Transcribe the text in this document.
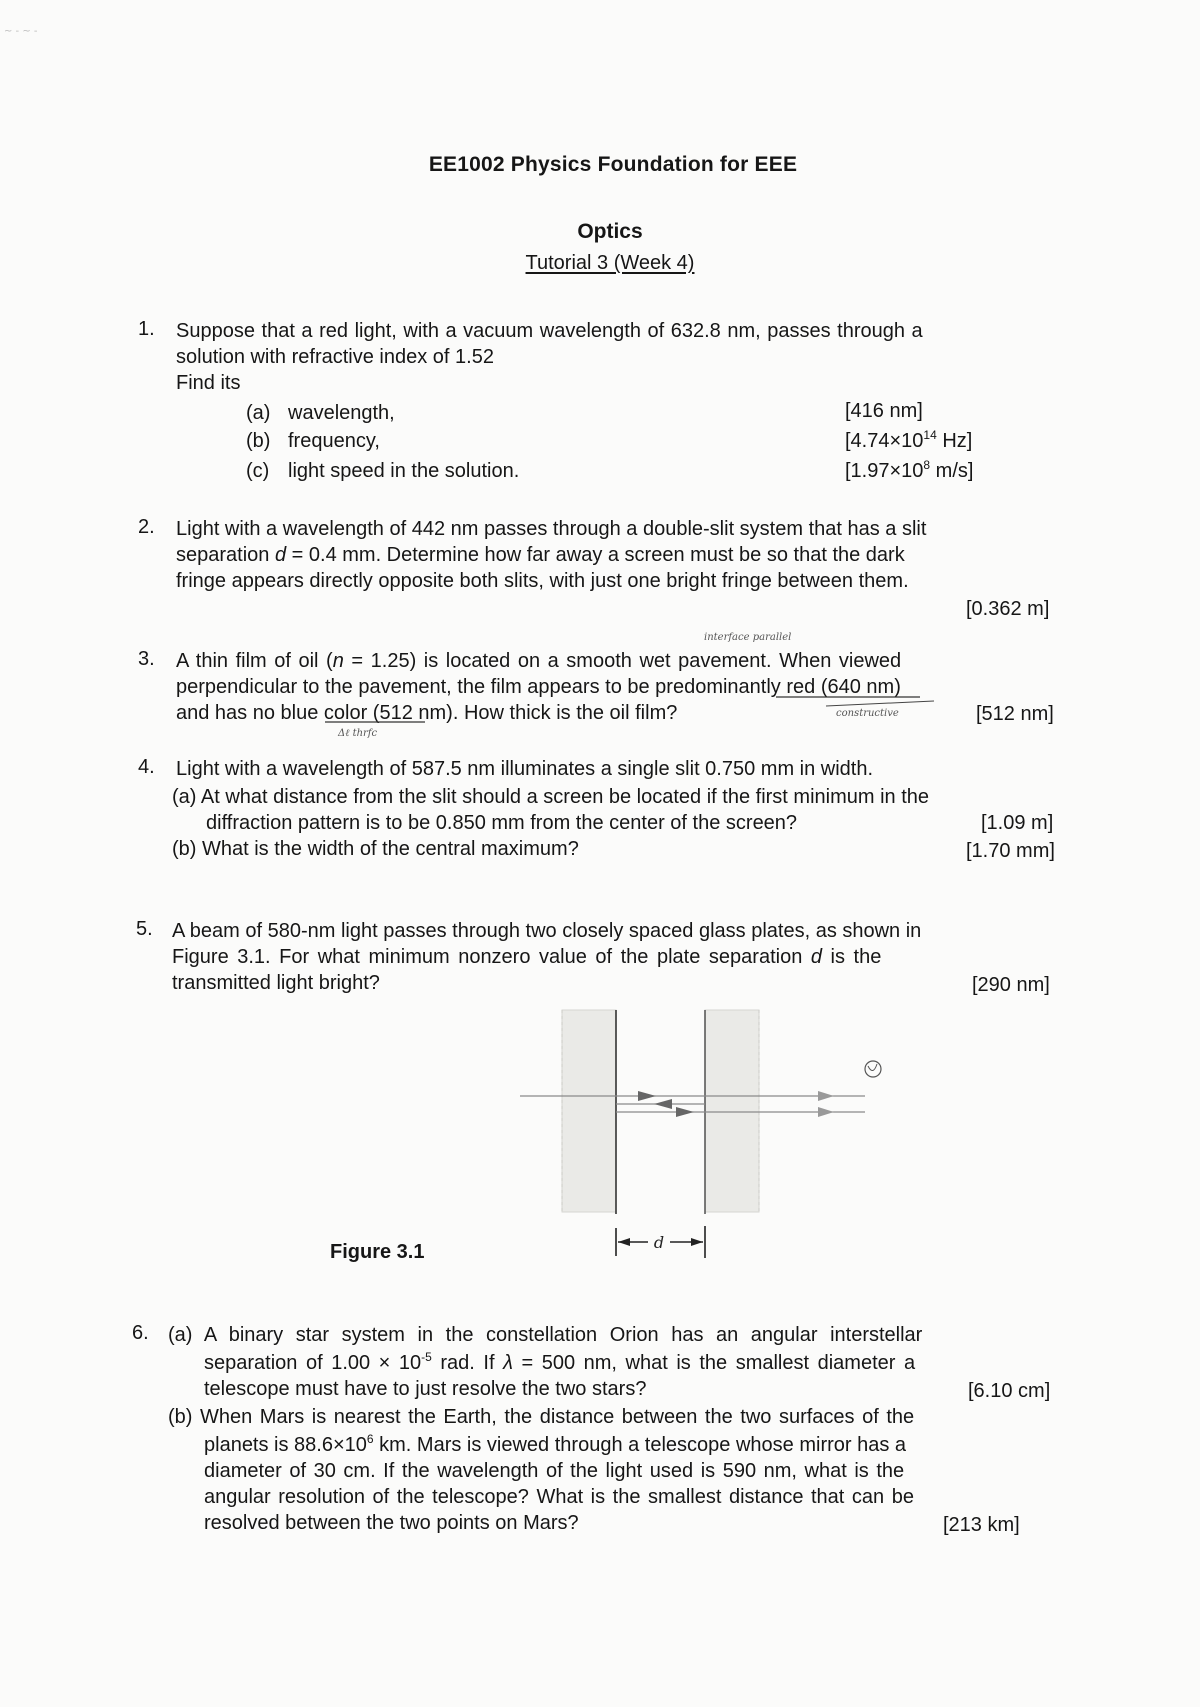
~ - ~ -
EE1002 Physics Foundation for EEE
Optics
Tutorial 3 (Week 4)
1. Suppose that a red light, with a vacuum wavelength of 632.8 nm, passes through a
solution with refractive index of 1.52
Find its
(a) wavelength,	[416 nm]
(b) frequency,	[$4.74\times 10^{14}$ Hz]
(c) light speed in the solution.	[$1.97\times 10^8$ m/s]
2. Light with a wavelength of 442 nm passes through a double-slit system that has a slit
separation d = 0.4 mm. Determine how far away a screen must be so that the dark
fringe appears directly opposite both slits, with just one bright fringe between them.
[0.362 m]
interface parallel
3. A thin film of oil (n = 1.25) is located on a smooth wet pavement. When viewed
perpendicular to the pavement, the film appears to be predominantly red (640 nm)
and has no blue color (512 nm). How thick is the oil film?	constructive	[512 nm]
Δℓ thrfc
4. Light with a wavelength of 587.5 nm illuminates a single slit 0.750 mm in width.
(a) At what distance from the slit should a screen be located if the first minimum in the
diffraction pattern is to be 0.850 mm from the center of the screen?	[1.09 m]
(b) What is the width of the central maximum?	[1.70 mm]
5. A beam of 580-nm light passes through two closely spaced glass plates, as shown in
Figure 3.1. For what minimum nonzero value of the plate separation d is the
transmitted light bright?	[290 nm]
d
Figure 3.1
6. (a) A binary star system in the constellation Orion has an angular interstellar
separation of $1.00 \times 10^{-5}$ rad. If λ = 500 nm, what is the smallest diameter a
telescope must have to just resolve the two stars?	[6.10 cm]
(b) When Mars is nearest the Earth, the distance between the two surfaces of the
planets is $88.6\times 10^6$ km. Mars is viewed through a telescope whose mirror has a
diameter of 30 cm. If the wavelength of the light used is 590 nm, what is the
angular resolution of the telescope? What is the smallest distance that can be
resolved between the two points on Mars?	[213 km]
